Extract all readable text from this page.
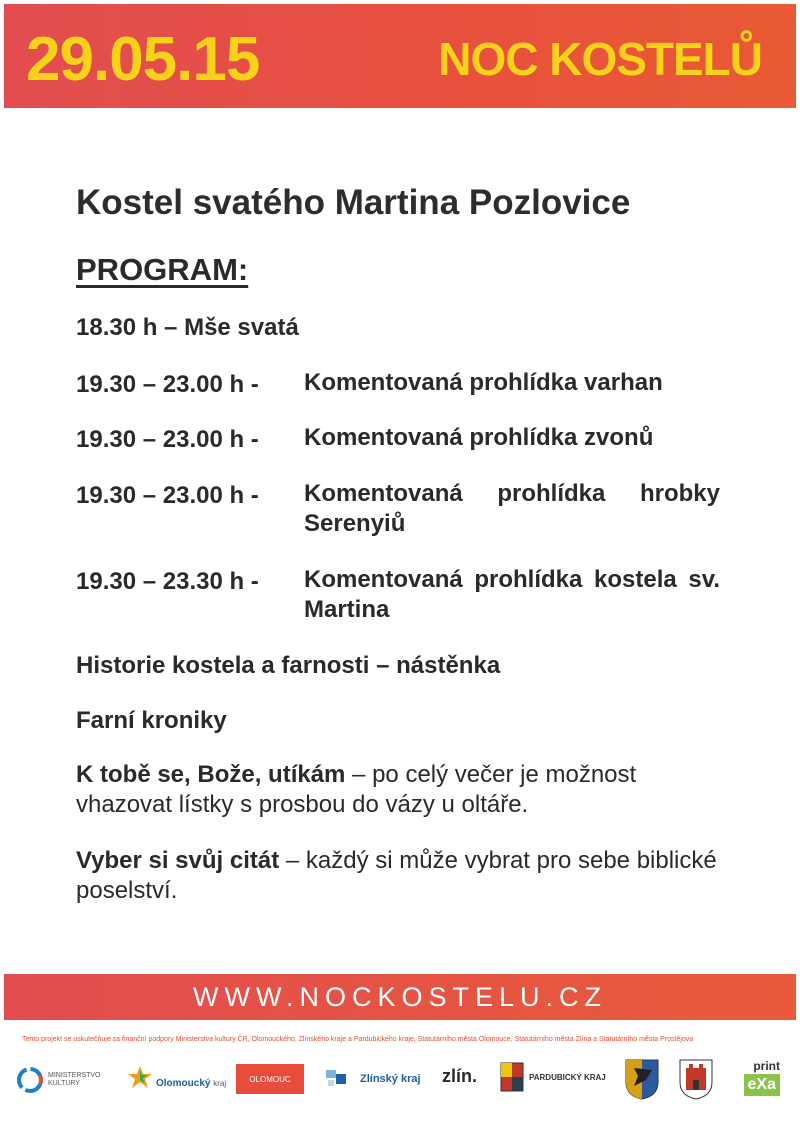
29.05.15	NOC KOSTELŮ
Kostel svatého Martina Pozlovice
PROGRAM:
18.30 h – Mše svatá
19.30 – 23.00 h - Komentovaná prohlídka varhan
19.30 – 23.00 h - Komentovaná prohlídka zvonů
19.30 – 23.00 h - Komentovaná prohlídka hrobky Serenyiů
19.30 – 23.30 h - Komentovaná prohlídka kostela sv. Martina
Historie kostela a farnosti – nástěnka
Farní kroniky
K tobě se, Bože, utíkám – po celý večer je možnost vhazovat lístky s prosbou do vázy u oltáře.
Vyber si svůj citát – každý si může vybrat pro sebe biblické poselství.
WWW.NOCKOSTELU.CZ
Tento projekt se uskutečňuje za finanční podpory Ministerstva kultury ČR, Olomouckého, Zlínského kraje a Pardubického kraje, Statutárního města Olomouce, Statutárního města Zlína a Statutárního města Prostějova
MINISTERSTVO
KULTURY	Olomoucký kraj	OLOMOUC	Zlínský kraj zlín.	PARDUBICKÝ KRAJ
print
eXa
